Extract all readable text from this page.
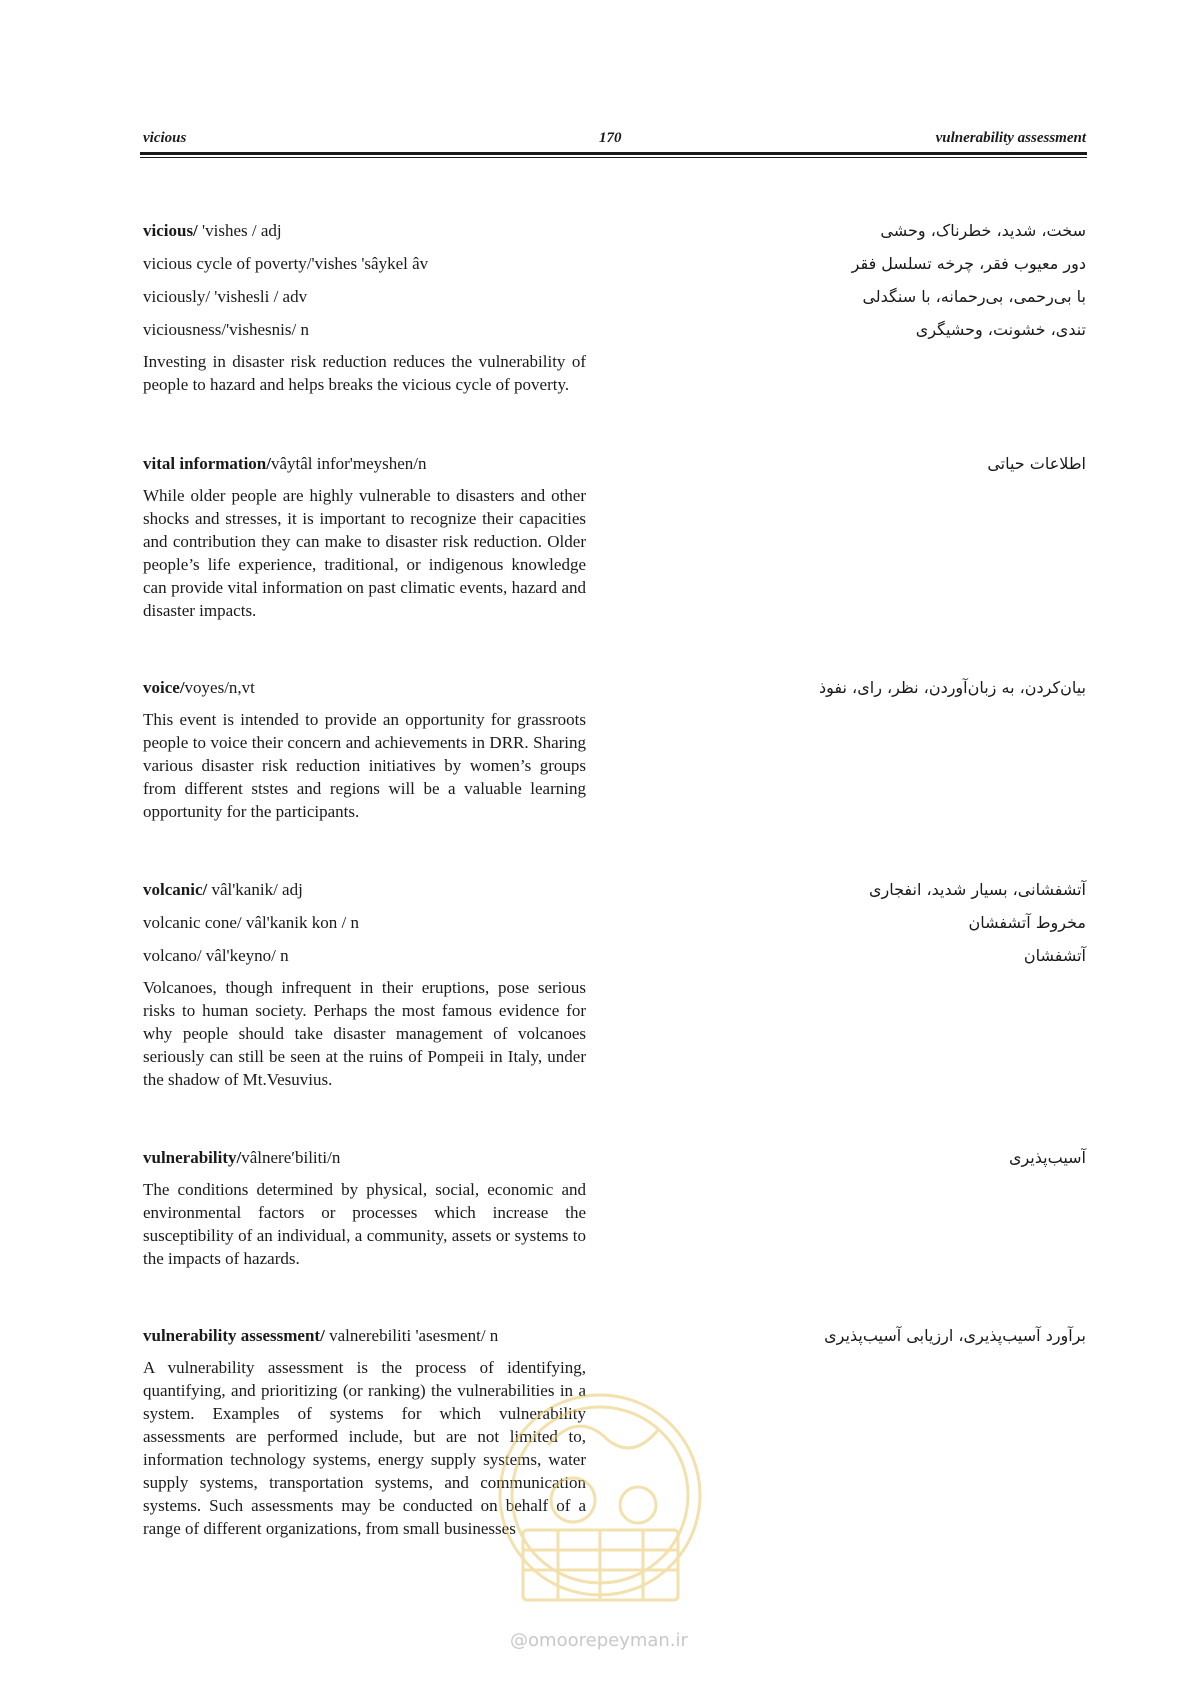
vicious	170	vulnerability assessment
vicious/ 'vishes / adj
vicious cycle of poverty/'vishes 'sâykel âv
viciously/ 'vishesli / adv
viciousness/'vishesnis/ n
Investing in disaster risk reduction reduces the vulnerability of people to hazard and helps breaks the vicious cycle of poverty.
سخت، شدید، خطرناک، وحشی
دور معیوب فقر، چرخه تسلسل فقر
با بی‌رحمی، بی‌رحمانه، با سنگدلی
تندی، خشونت، وحشیگری
vital information/vâytâl infor'meyshen/n
While older people are highly vulnerable to disasters and other shocks and stresses, it is important to recognize their capacities and contribution they can make to disaster risk reduction. Older people’s life experience, traditional, or indigenous knowledge can provide vital information on past climatic events, hazard and disaster impacts.
اطلاعات حیاتی
voice/voyes/n,vt
This event is intended to provide an opportunity for grassroots people to voice their concern and achievements in DRR. Sharing various disaster risk reduction initiatives by women’s groups from different ststes and regions will be a valuable learning opportunity for the participants.
بیان‌کردن، به زبان‌آوردن، نظر، رای، نفوذ
volcanic/ vâl'kanik/ adj
volcanic cone/ vâl'kanik kon / n
volcano/ vâl'keyno/ n
Volcanoes, though infrequent in their eruptions, pose serious risks to human society. Perhaps the most famous evidence for why people should take disaster management of volcanoes seriously can still be seen at the ruins of Pompeii in Italy, under the shadow of Mt.Vesuvius.
آتشفشانی، بسیار شدید، انفجاری
مخروط آتشفشان
آتشفشان
vulnerability/vâlnere′biliti/n
The conditions determined by physical, social, economic and environmental factors or processes which increase the susceptibility of an individual, a community, assets or systems to the impacts of hazards.
آسیب‌پذیری
vulnerability assessment/ valnerebiliti 'asesment/ n
A vulnerability assessment is the process of identifying, quantifying, and prioritizing (or ranking) the vulnerabilities in a system. Examples of systems for which vulnerability assessments are performed include, but are not limited to, information technology systems, energy supply systems, water supply systems, transportation systems, and communication systems. Such assessments may be conducted on behalf of a range of different organizations, from small businesses
برآورد آسیب‌پذیری، ارزیابی آسیب‌پذیری
@omoorepeyman.ir
